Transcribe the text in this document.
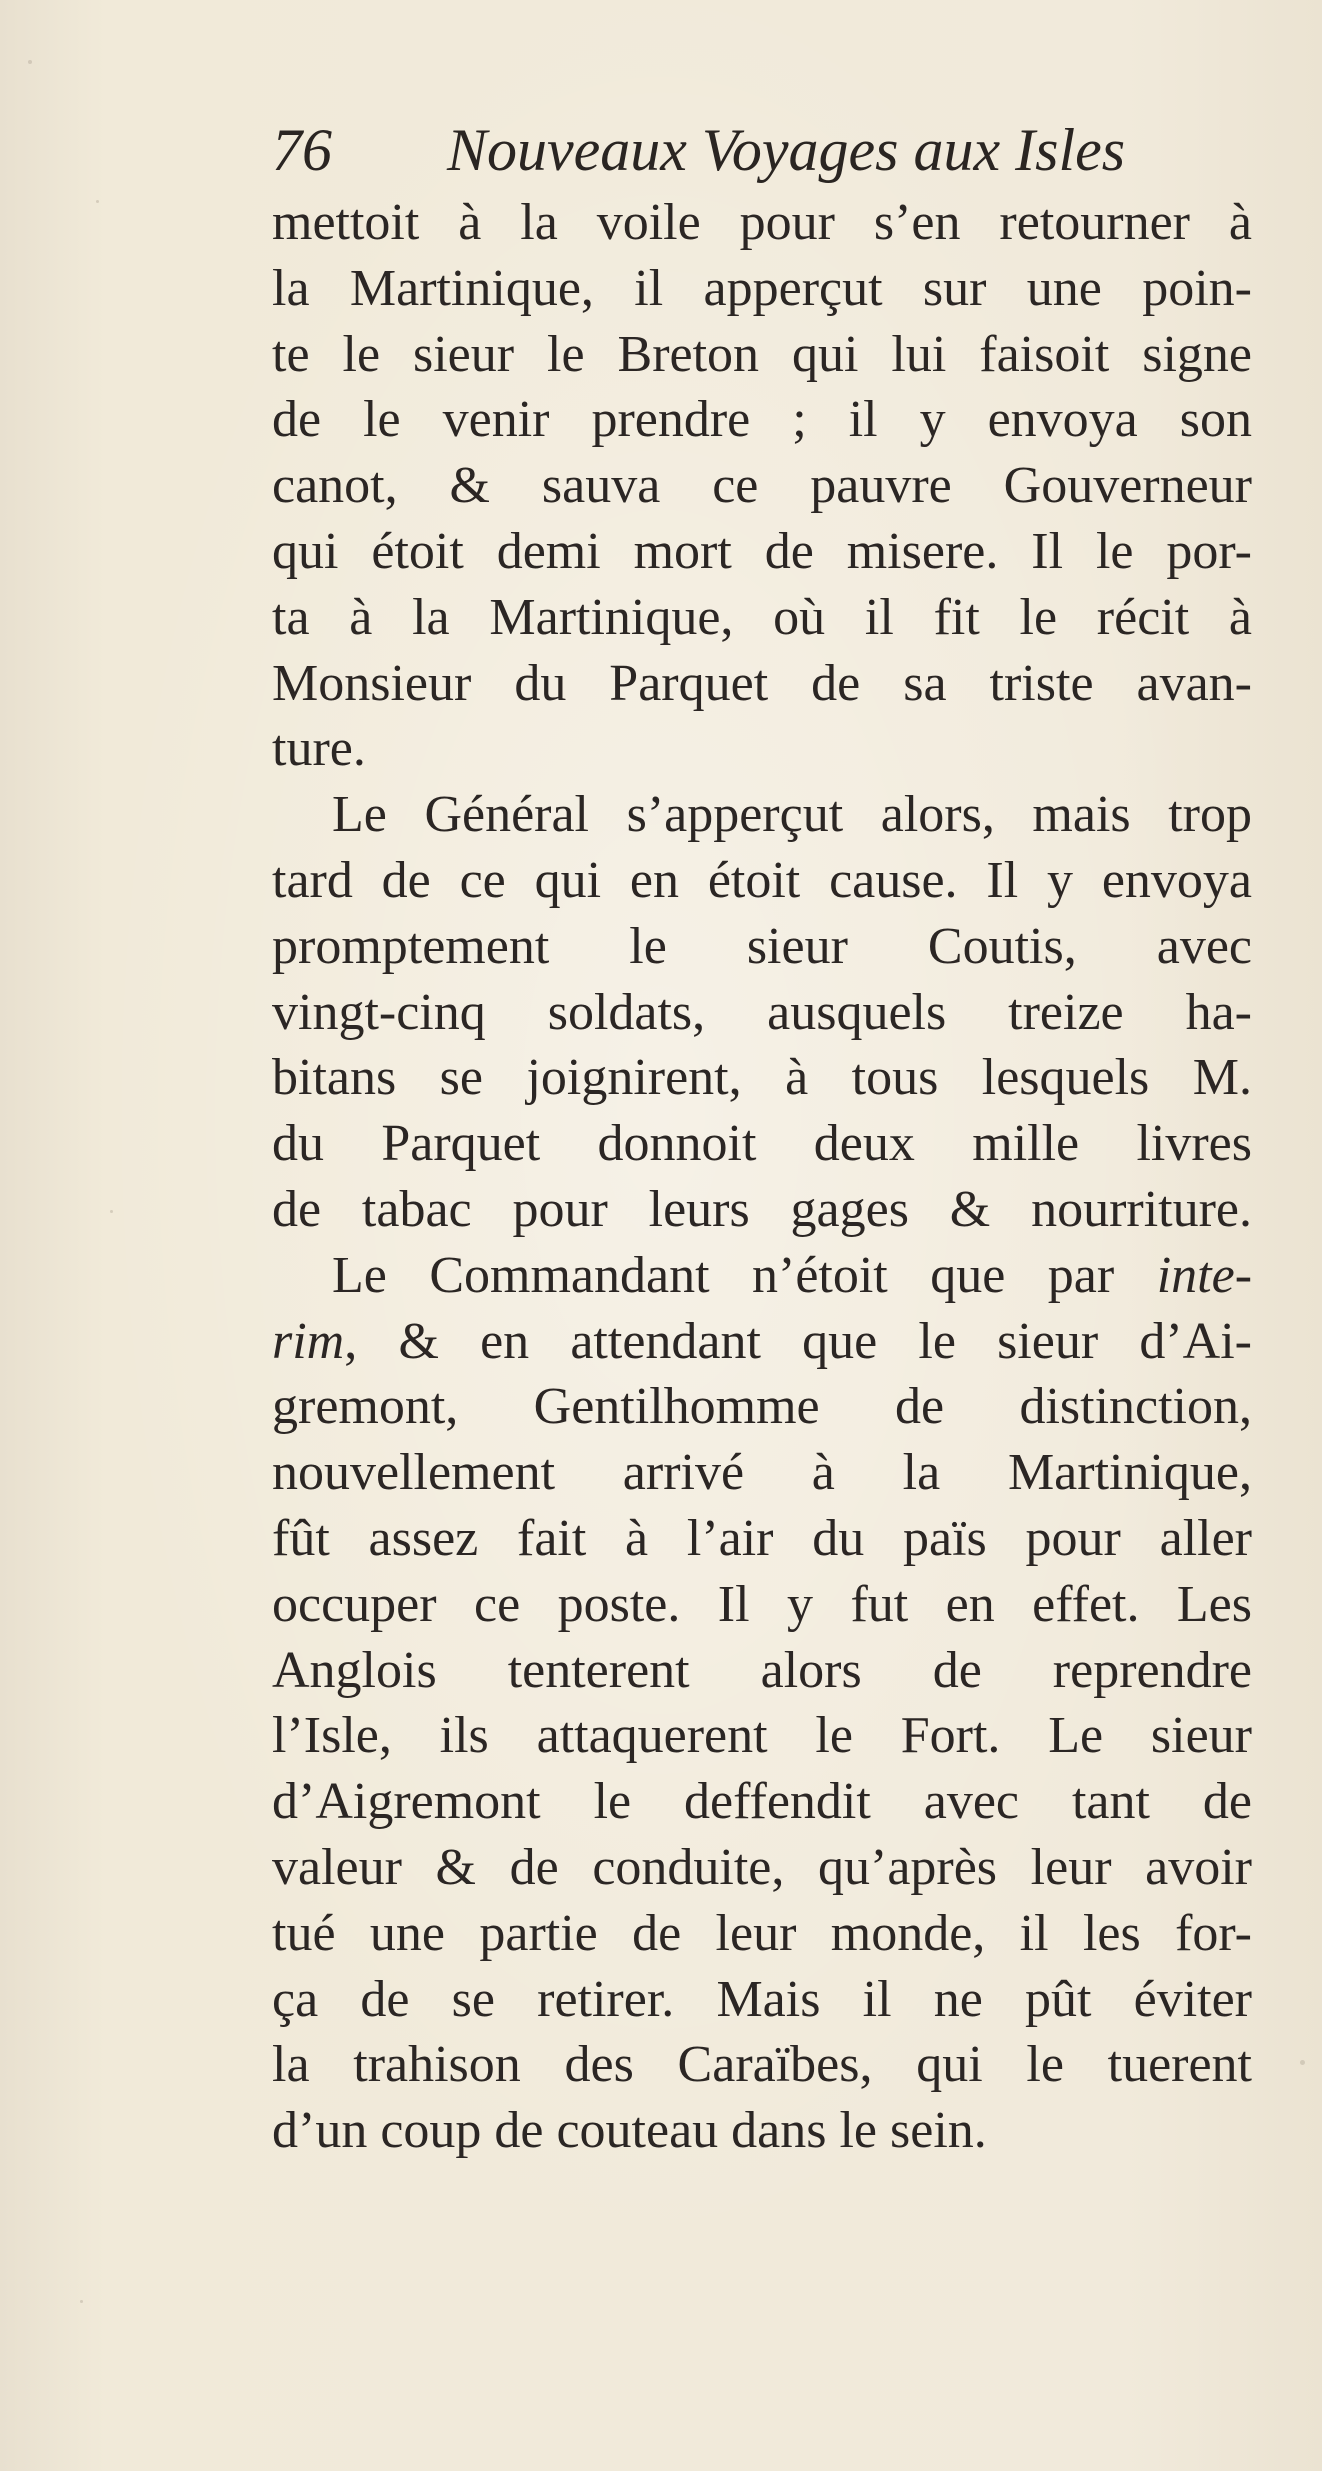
76 Nouveaux Voyages aux Isles
mettoit à la voile pour s’en retourner à
la Martinique, il apperçut sur une poin-
te le sieur le Breton qui lui faisoit signe
de le venir prendre ; il y envoya son
canot, & sauva ce pauvre Gouverneur
qui étoit demi mort de misere. Il le por-
ta à la Martinique, où il fit le récit à
Monsieur du Parquet de sa triste avan-
ture.
Le Général s’apperçut alors, mais trop
tard de ce qui en étoit cause. Il y envoya
promptement le sieur Coutis, avec
vingt-cinq soldats, ausquels treize ha-
bitans se joignirent, à tous lesquels M.
du Parquet donnoit deux mille livres
de tabac pour leurs gages & nourriture.
Le Commandant n’étoit que par inte-
rim, & en attendant que le sieur d’Ai-
gremont, Gentilhomme de distinction,
nouvellement arrivé à la Martinique,
fût assez fait à l’air du païs pour aller
occuper ce poste. Il y fut en effet. Les
Anglois tenterent alors de reprendre
l’Isle, ils attaquerent le Fort. Le sieur
d’Aigremont le deffendit avec tant de
valeur & de conduite, qu’après leur avoir
tué une partie de leur monde, il les for-
ça de se retirer. Mais il ne pût éviter
la trahison des Caraïbes, qui le tuerent
d’un coup de couteau dans le sein.
